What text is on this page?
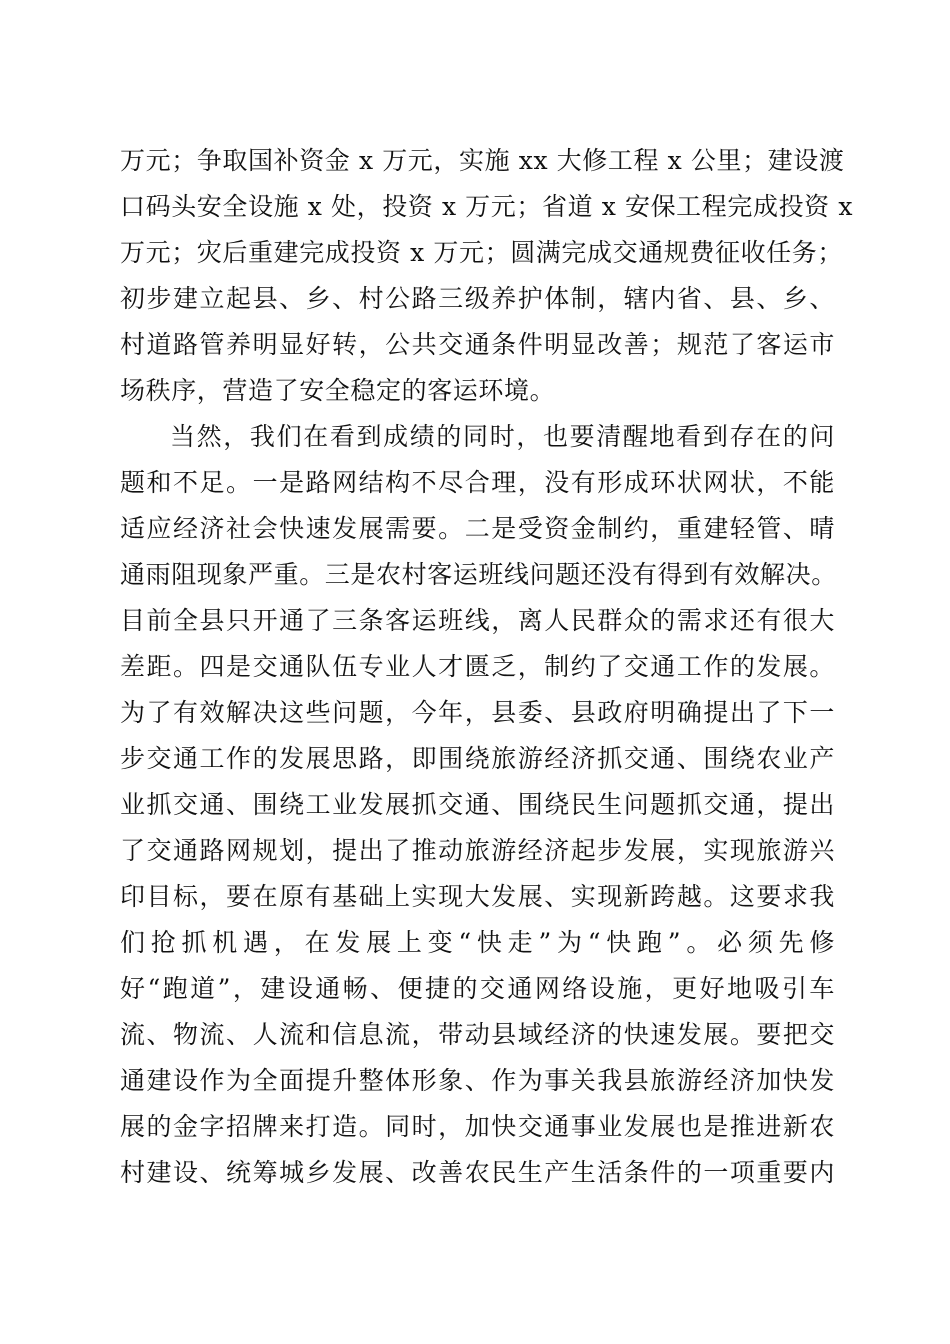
万元；争取国补资金 x 万元，实施 xx 大修工程 x 公里；建设渡
口码头安全设施 x 处，投资 x 万元；省道 x 安保工程完成投资 x
万元；灾后重建完成投资 x 万元；圆满完成交通规费征收任务；
初步建立起县、乡、村公路三级养护体制，辖内省、县、乡、
村道路管养明显好转，公共交通条件明显改善；规范了客运市
场秩序，营造了安全稳定的客运环境。
当然，我们在看到成绩的同时，也要清醒地看到存在的问
题和不足。一是路网结构不尽合理，没有形成环状网状，不能
适应经济社会快速发展需要。二是受资金制约，重建轻管、晴
通雨阻现象严重。三是农村客运班线问题还没有得到有效解决。
目前全县只开通了三条客运班线，离人民群众的需求还有很大
差距。四是交通队伍专业人才匮乏，制约了交通工作的发展。
为了有效解决这些问题，今年，县委、县政府明确提出了下一
步交通工作的发展思路，即围绕旅游经济抓交通、围绕农业产
业抓交通、围绕工业发展抓交通、围绕民生问题抓交通，提出
了交通路网规划，提出了推动旅游经济起步发展，实现旅游兴
印目标，要在原有基础上实现大发展、实现新跨越。这要求我
们抢抓机遇，在发展上变“快走”为“快跑”。必须先修
好“跑道”，建设通畅、便捷的交通网络设施，更好地吸引车
流、物流、人流和信息流，带动县域经济的快速发展。要把交
通建设作为全面提升整体形象、作为事关我县旅游经济加快发
展的金字招牌来打造。同时，加快交通事业发展也是推进新农
村建设、统筹城乡发展、改善农民生产生活条件的一项重要内
